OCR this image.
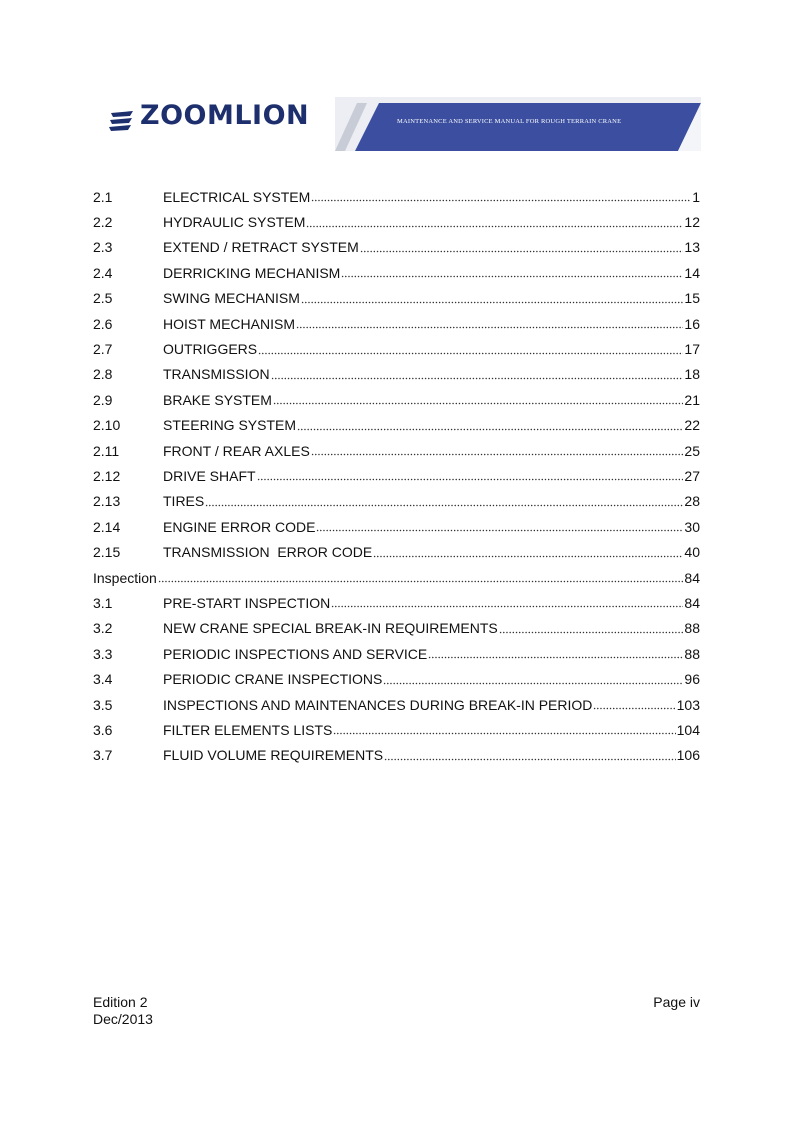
ZOOMLION	MAINTENANCE AND SERVICE MANUAL FOR ROUGH TERRAIN CRANE
2.1	ELECTRICAL SYSTEM	1
2.2	HYDRAULIC SYSTEM	12
2.3	EXTEND / RETRACT SYSTEM	13
2.4	DERRICKING MECHANISM	14
2.5	SWING MECHANISM	15
2.6	HOIST MECHANISM	16
2.7	OUTRIGGERS	17
2.8	TRANSMISSION	18
2.9	BRAKE SYSTEM	21
2.10	STEERING SYSTEM	22
2.11	FRONT / REAR AXLES	25
2.12	DRIVE SHAFT	27
2.13	TIRES	28
2.14	ENGINE ERROR CODE	30
2.15	TRANSMISSION  ERROR CODE	40
Inspection	84
3.1	PRE-START INSPECTION	84
3.2	NEW CRANE SPECIAL BREAK-IN REQUIREMENTS	88
3.3	PERIODIC INSPECTIONS AND SERVICE	88
3.4	PERIODIC CRANE INSPECTIONS	96
3.5	INSPECTIONS AND MAINTENANCES DURING BREAK-IN PERIOD	103
3.6	FILTER ELEMENTS LISTS	104
3.7	FLUID VOLUME REQUIREMENTS	106
Edition 2
Dec/2013
Page iv
